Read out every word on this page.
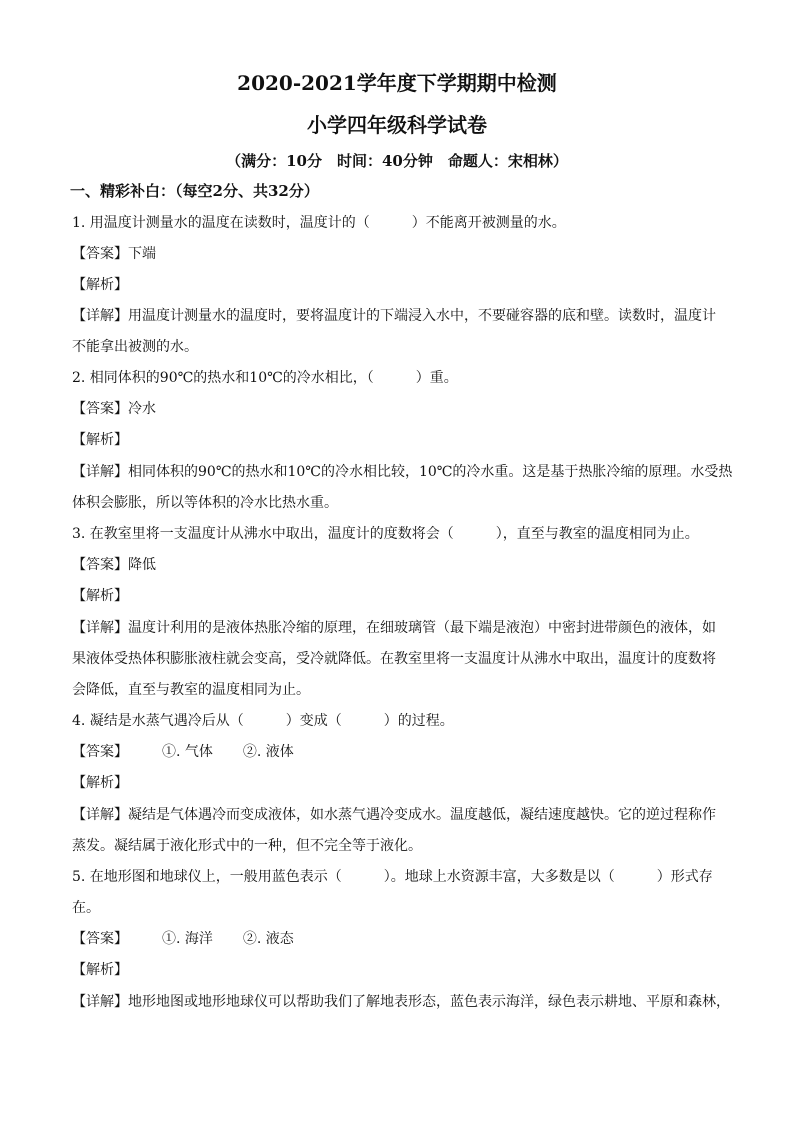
2020-2021学年度下学期期中检测
小学四年级科学试卷
（满分：10分　时间：40分钟　命题人：宋相林）
一、精彩补白：（每空2分、共32分）
1. 用温度计测量水的温度在读数时，温度计的（　　　）不能离开被测量的水。
【答案】下端
【解析】
【详解】用温度计测量水的温度时，要将温度计的下端浸入水中，不要碰容器的底和壁。读数时，温度计
不能拿出被测的水。
2. 相同体积的90℃的热水和10℃的冷水相比，（　　　）重。
【答案】冷水
【解析】
【详解】相同体积的90℃的热水和10℃的冷水相比较，10℃的冷水重。这是基于热胀冷缩的原理。水受热
体积会膨胀，所以等体积的冷水比热水重。
3. 在教室里将一支温度计从沸水中取出，温度计的度数将会（　　　），直至与教室的温度相同为止。
【答案】降低
【解析】
【详解】温度计利用的是液体热胀冷缩的原理，在细玻璃管（最下端是液泡）中密封进带颜色的液体，如
果液体受热体积膨胀液柱就会变高，受冷就降低。在教室里将一支温度计从沸水中取出，温度计的度数将
会降低，直至与教室的温度相同为止。
4. 凝结是水蒸气遇冷后从（　　　）变成（　　　）的过程。
【答案】 ①. 气体 ②. 液体
【解析】
【详解】凝结是气体遇冷而变成液体，如水蒸气遇冷变成水。温度越低，凝结速度越快。它的逆过程称作
蒸发。凝结属于液化形式中的一种，但不完全等于液化。
5. 在地形图和地球仪上，一般用蓝色表示（　　　）。地球上水资源丰富，大多数是以（　　　）形式存
在。
【答案】 ①. 海洋 ②. 液态
【解析】
【详解】地形地图或地形地球仪可以帮助我们了解地表形态，蓝色表示海洋，绿色表示耕地、平原和森林，
